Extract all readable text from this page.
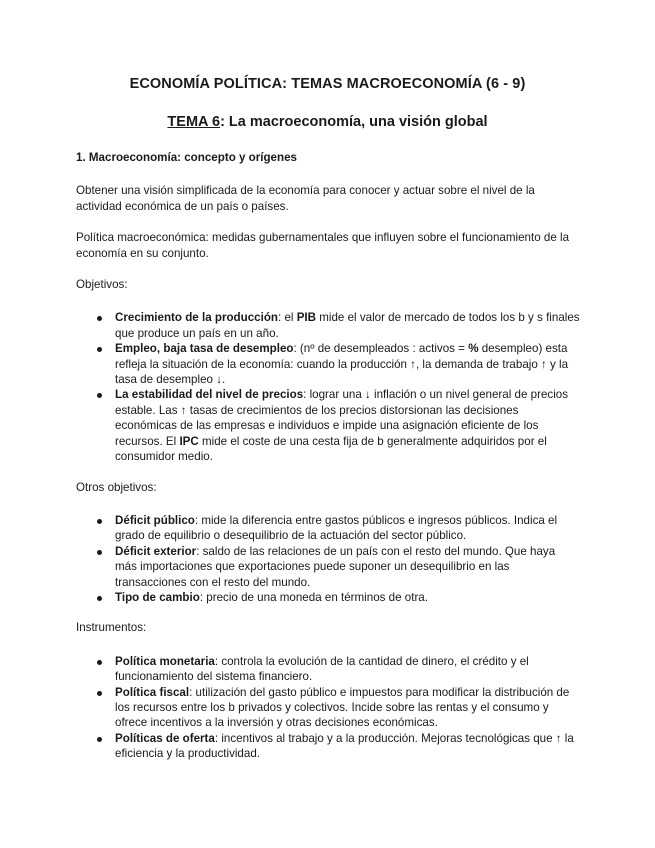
ECONOMÍA POLÍTICA: TEMAS MACROECONOMÍA (6 - 9)
TEMA 6: La macroeconomía, una visión global

1. Macroeconomía: concepto y orígenes

Obtener una visión simplificada de la economía para conocer y actuar sobre el nivel de la actividad económica de un país o países.

Política macroeconómica: medidas gubernamentales que influyen sobre el funcionamiento de la economía en su conjunto.

Objetivos:

Crecimiento de la producción: el PIB mide el valor de mercado de todos los b y s finales que produce un país en un año.
Empleo, baja tasa de desempleo: (nº de desempleados : activos = % desempleo) esta refleja la situación de la economía: cuando la producción ↑, la demanda de trabajo ↑ y la tasa de desempleo ↓.
La estabilidad del nivel de precios: lograr una ↓ inflación o un nivel general de precios estable. Las ↑ tasas de crecimientos de los precios distorsionan las decisiones económicas de las empresas e individuos e impide una asignación eficiente de los recursos. El IPC mide el coste de una cesta fija de b generalmente adquiridos por el consumidor medio.

Otros objetivos:

Déficit público: mide la diferencia entre gastos públicos e ingresos públicos. Indica el grado de equilibrio o desequilibrio de la actuación del sector público.
Déficit exterior: saldo de las relaciones de un país con el resto del mundo. Que haya más importaciones que exportaciones puede suponer un desequilibrio en las transacciones con el resto del mundo.
Tipo de cambio: precio de una moneda en términos de otra.

Instrumentos:

Política monetaria: controla la evolución de la cantidad de dinero, el crédito y el funcionamiento del sistema financiero.
Política fiscal: utilización del gasto público e impuestos para modificar la distribución de los recursos entre los b privados y colectivos. Incide sobre las rentas y el consumo y ofrece incentivos a la inversión y otras decisiones económicas.
Políticas de oferta: incentivos al trabajo y a la producción. Mejoras tecnológicas que ↑ la eficiencia y la productividad.
